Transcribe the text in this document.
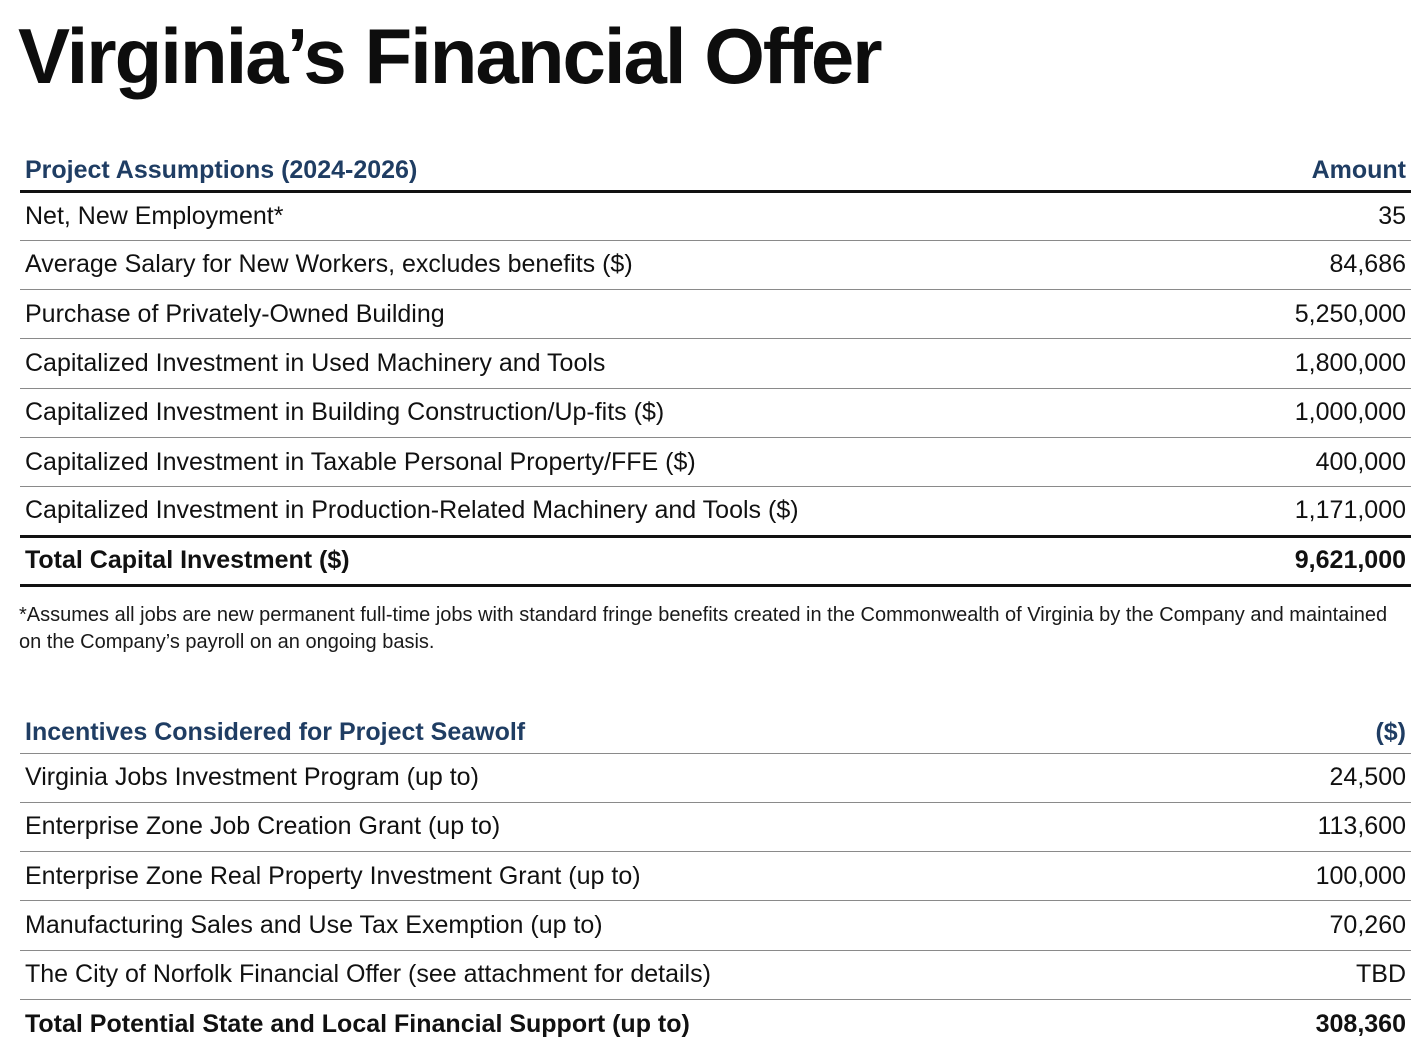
Virginia’s Financial Offer
Project Assumptions (2024-2026)	Amount
Net, New Employment*	35
Average Salary for New Workers, excludes benefits ($)	84,686
Purchase of Privately-Owned Building	5,250,000
Capitalized Investment in Used Machinery and Tools	1,800,000
Capitalized Investment in Building Construction/Up-fits ($)	1,000,000
Capitalized Investment in Taxable Personal Property/FFE ($)	400,000
Capitalized Investment in Production-Related Machinery and Tools ($)	1,171,000
Total Capital Investment ($)	9,621,000

*Assumes all jobs are new permanent full-time jobs with standard fringe benefits created in the Commonwealth of Virginia by the Company and maintained on the Company’s payroll on an ongoing basis.

Incentives Considered for Project Seawolf	($)
Virginia Jobs Investment Program (up to)	24,500
Enterprise Zone Job Creation Grant (up to)	113,600
Enterprise Zone Real Property Investment Grant (up to)	100,000
Manufacturing Sales and Use Tax Exemption (up to)	70,260
The City of Norfolk Financial Offer (see attachment for details)	TBD
Total Potential State and Local Financial Support (up to)	308,360
